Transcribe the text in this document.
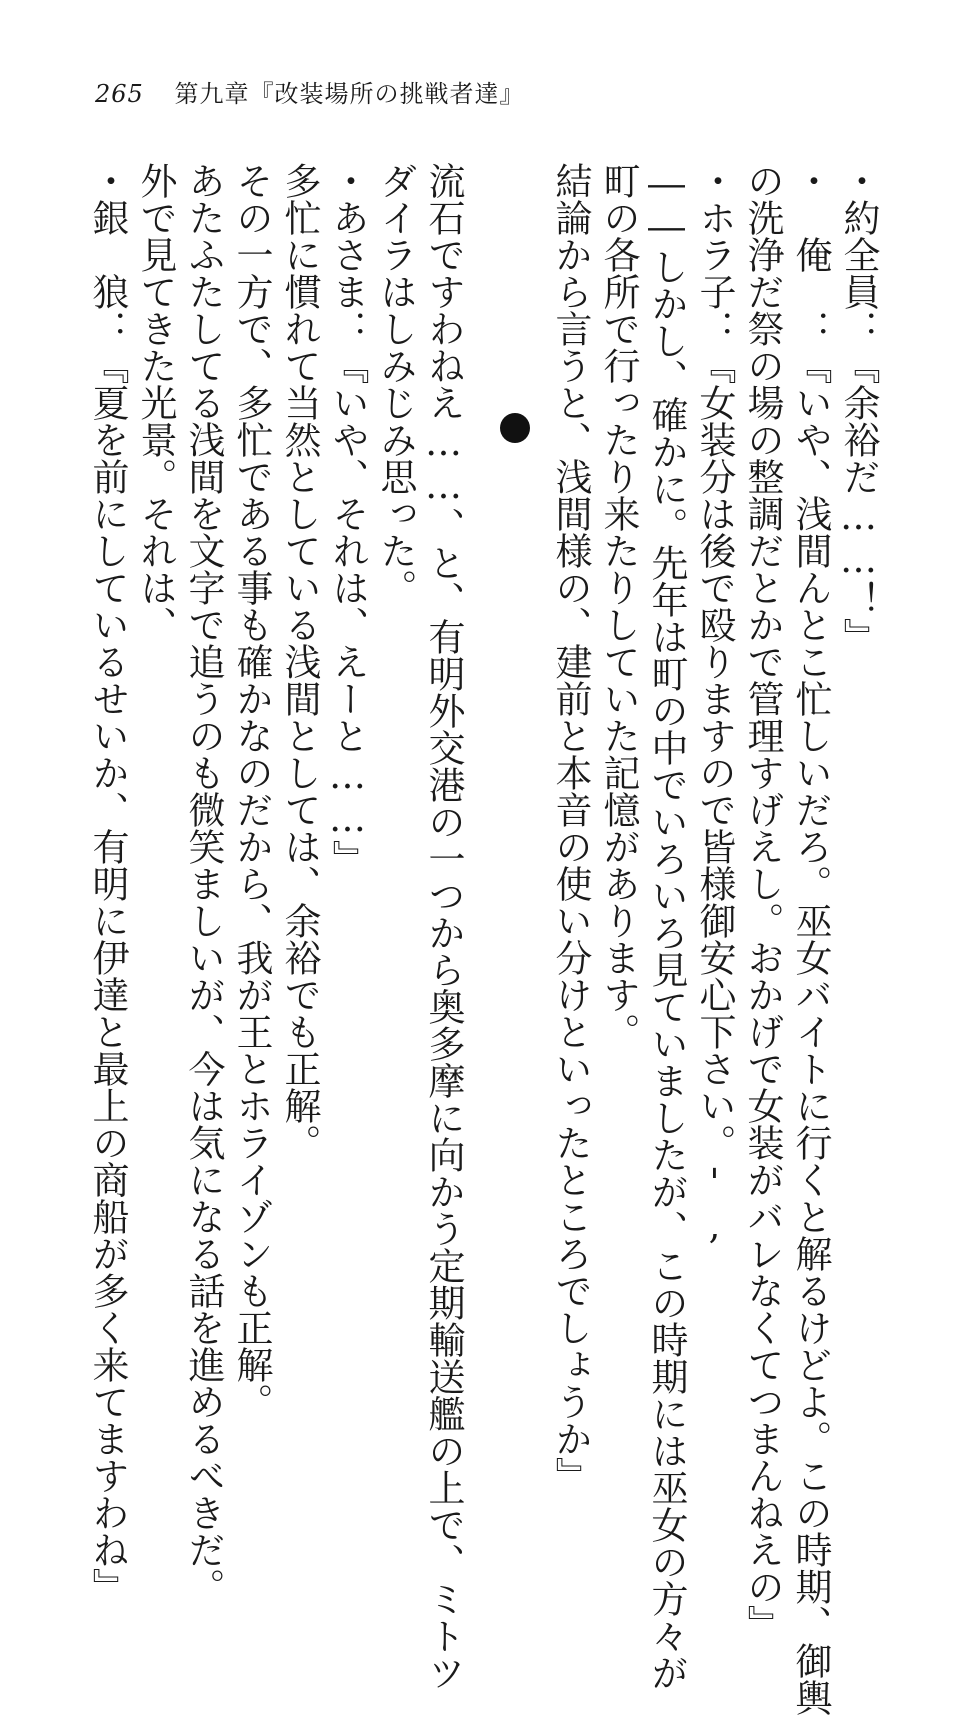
265 第九章『改装場所の挑戦者達』
・約全員：『余裕だ……！』
・　俺　：『いや、浅間んとこ忙しいだろ。巫女バイトに行くと解るけどよ。この時期、御輿
の洗浄だ祭の場の整調だとかで管理すげえし。おかげで女装がバレなくてつまんねえの』
・ホラ子：『女装分は後で殴りますので皆様御安心下さい。',
――しかし、確かに。先年は町の中でいろいろ見ていましたが、この時期には巫女の方々が
町の各所で行ったり来たりしていた記憶があります。
結論から言うと、浅間様の、建前と本音の使い分けといったところでしょうか』
流石ですわねえ……、と、有明外交港の一つから奥多摩に向かう定期輸送艦の上で、ミトツ
ダイラはしみじみ思った。
・あさま：『いや、それは、えーと……』
多忙に慣れて当然としている浅間としては、余裕でも正解。
その一方で、多忙である事も確かなのだから、我が王とホライゾンも正解。
あたふたしてる浅間を文字で追うのも微笑ましいが、今は気になる話を進めるべきだ。
外で見てきた光景。それは、
・銀　狼：『夏を前にしているせいか、有明に伊達と最上の商船が多く来てますわね』
